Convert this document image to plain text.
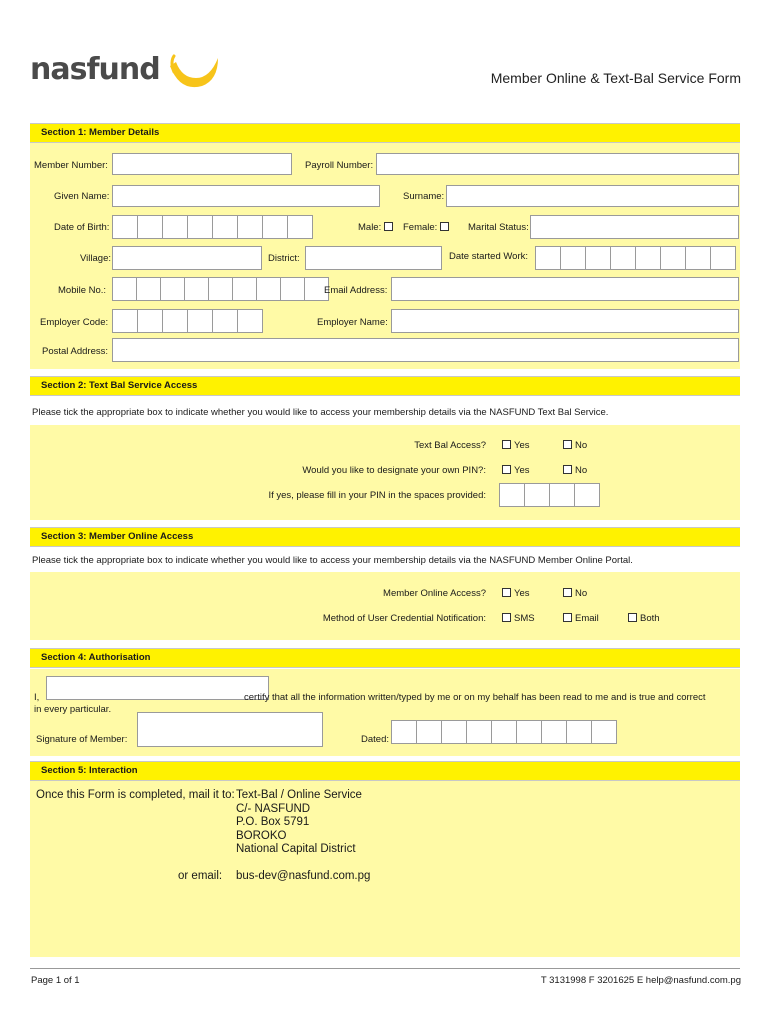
nasfund	Member Online & Text-Bal Service Form
Section 1: Member Details
Member Number:	Payroll Number:
Given Name:	Surname:
Date of Birth:	Male:	Female:	Marital Status:
Village:	District:	Date started Work:
Mobile No.:	Email Address:
Employer Code:	Employer Name:
Postal Address:
Section 2: Text Bal Service Access
Please tick the appropriate box to indicate whether you would like to access your membership details via the NASFUND Text Bal Service.
Text Bal Access?	Yes	No
Would you like to designate your own PIN?:	Yes	No
If yes, please fill in your PIN in the spaces provided:
Section 3: Member Online Access
Please tick the appropriate box to indicate whether you would like to access your membership details via the NASFUND Member Online Portal.
Member Online Access?	Yes	No
Method of User Credential Notification:	SMS	Email	Both
Section 4: Authorisation
I,	certify that all the information written/typed by me or on my behalf has been read to me and is true and correct
in every particular.
Signature of Member:	Dated:
Section 5: Interaction
Once this Form is completed, mail it to: Text-Bal / Online Service
C/- NASFUND
P.O. Box 5791
BOROKO
National Capital District
or email: bus-dev@nasfund.com.pg
Page 1 of 1	T 3131998 F 3201625 E help@nasfund.com.pg
